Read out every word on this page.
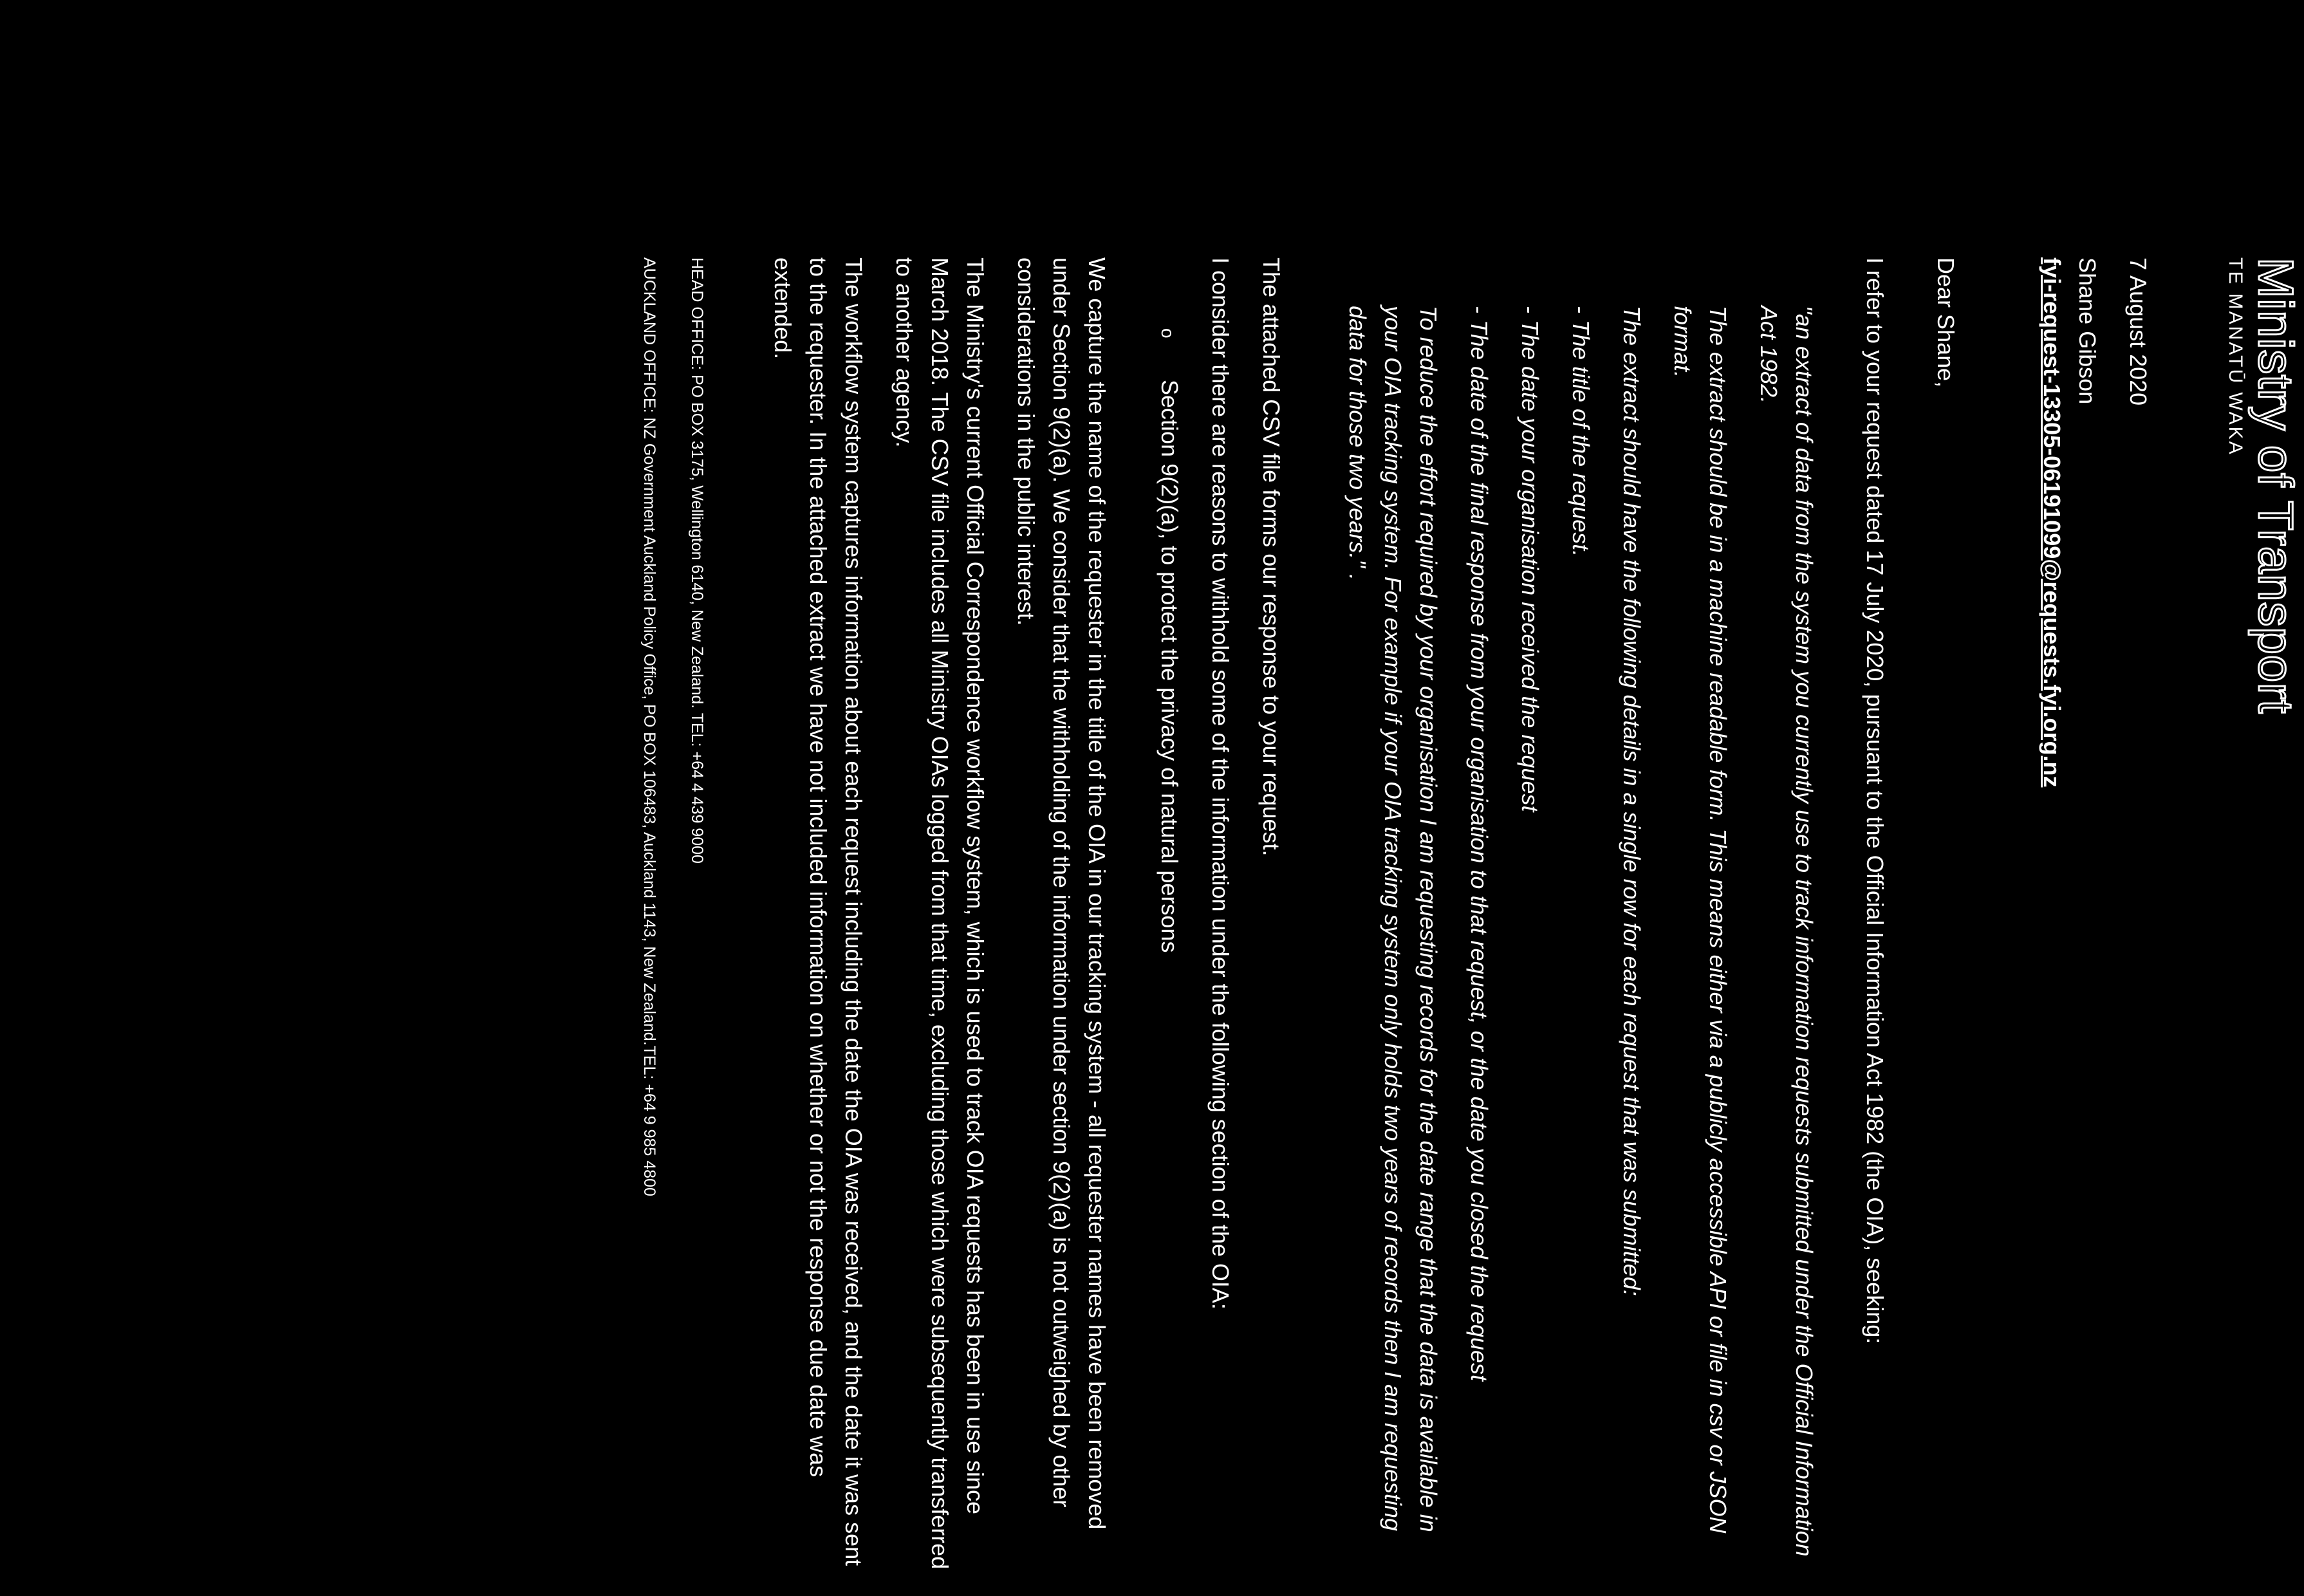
Ministry of Transport
TE MANATŪ WAKA
7 August 2020
Shane Gibson
fyi-request-13305-06191099@requests.fyi.org.nz
Dear Shane,
I refer to your request dated 17 July 2020, pursuant to the Official Information Act 1982 (the OIA), seeking:
"an extract of data from the system you currently use to track information requests submitted under the Official Information Act 1982.
The extract should be in a machine readable form. This means either via a publicly accessible API or file in csv or JSON format.
The extract should have the following details in a single row for each request that was submitted:
- The title of the request.
- The date your organisation received the request
- The date of the final response from your organisation to that request, or the date you closed the request
To reduce the effort required by your organisation I am requesting records for the date range that the data is available in your OIA tracking system. For example if your OIA tracking system only holds two years of records then I am requesting data for those two years." .
The attached CSV file forms our response to your request.
I consider there are reasons to withhold some of the information under the following section of the OIA:
o
Section 9(2)(a), to protect the privacy of natural persons
We capture the name of the requester in the title of the OIA in our tracking system - all requester names have been removed under Section 9(2)(a). We consider that the withholding of the information under section 9(2)(a) is not outweighed by other considerations in the public interest.
The Ministry's current Official Correspondence workflow system, which is used to track OIA requests has been in use since March 2018. The CSV file includes all Ministry OIAs logged from that time, excluding those which were subsequently transferred to another agency.
The workflow system captures information about each request including the date the OIA was received, and the date it was sent to the requester. In the attached extract we have not included information on whether or not the response due date was extended.
HEAD OFFICE: PO BOX 3175, Wellington 6140, New Zealand. TEL: +64 4 439 9000
AUCKLAND OFFICE: NZ Government Auckland Policy Office, PO BOX 106483, Auckland 1143, New Zealand.TEL: +64 9 985 4800
